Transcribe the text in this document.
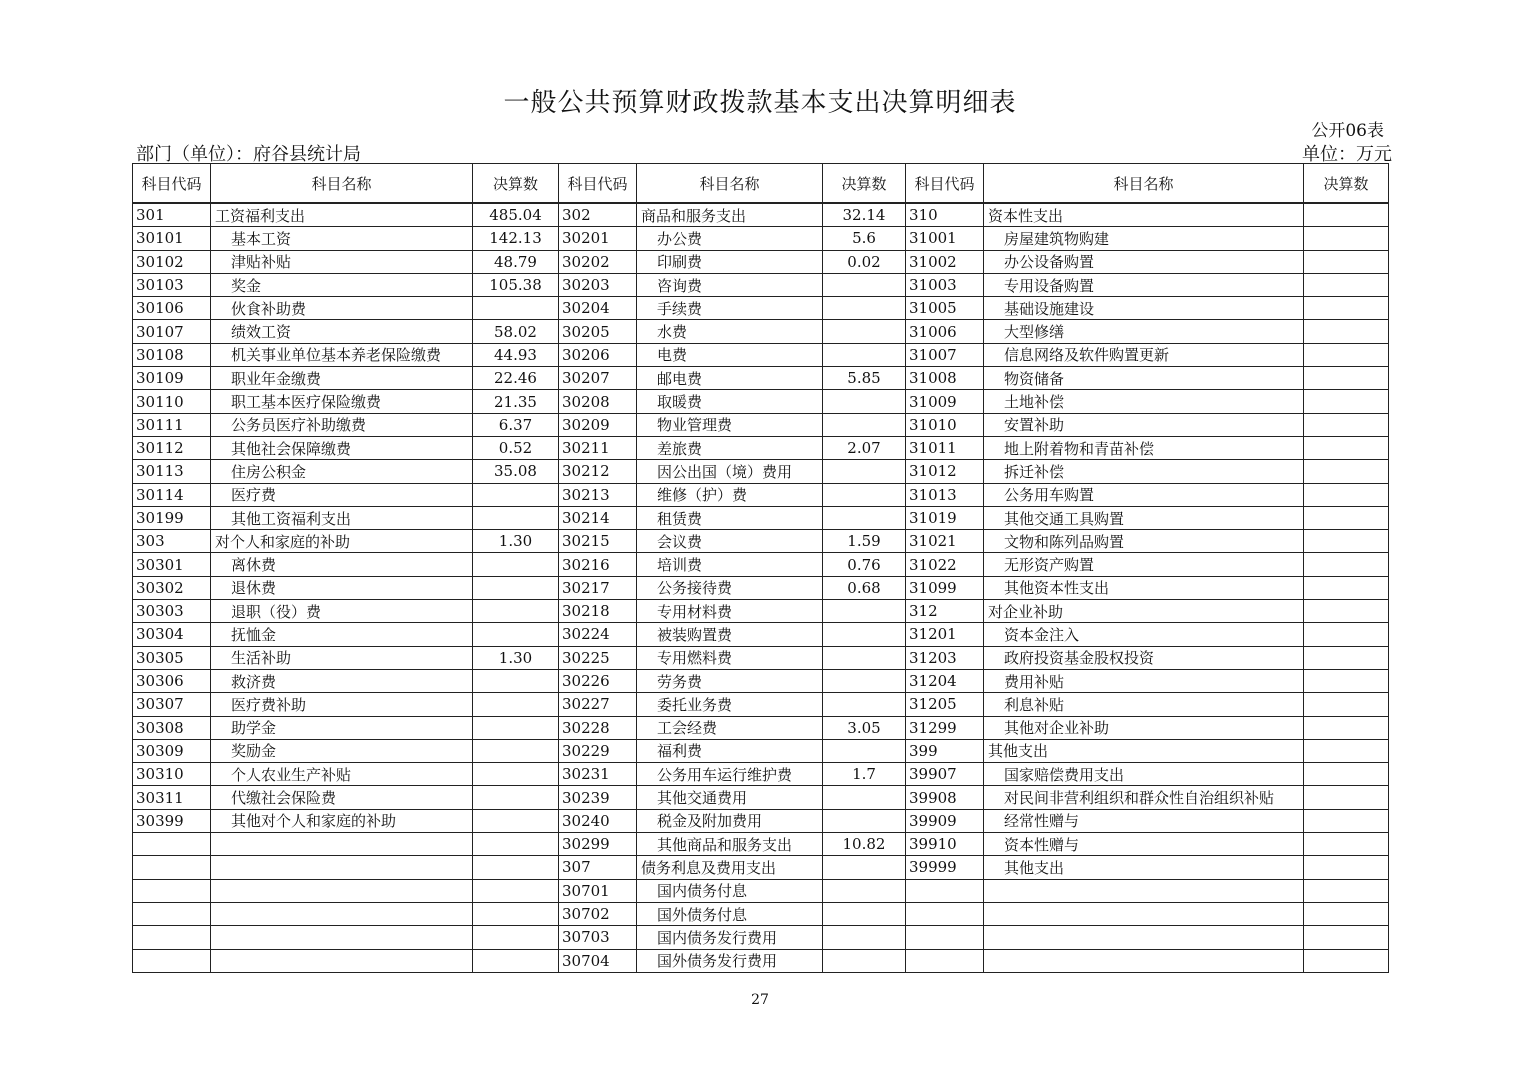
一般公共预算财政拨款基本支出决算明细表
公开06表
部门（单位）：府谷县统计局	单位：万元
科目代码	科目名称	决算数	科目代码	科目名称	决算数	科目代码	科目名称	决算数
301	工资福利支出	485.04	302	商品和服务支出	32.14	310	资本性支出	
30101	基本工资	142.13	30201	办公费	5.6	31001	房屋建筑物购建	
30102	津贴补贴	48.79	30202	印刷费	0.02	31002	办公设备购置	
30103	奖金	105.38	30203	咨询费		31003	专用设备购置	
30106	伙食补助费		30204	手续费		31005	基础设施建设	
30107	绩效工资	58.02	30205	水费		31006	大型修缮	
30108	机关事业单位基本养老保险缴费	44.93	30206	电费		31007	信息网络及软件购置更新	
30109	职业年金缴费	22.46	30207	邮电费	5.85	31008	物资储备	
30110	职工基本医疗保险缴费	21.35	30208	取暖费		31009	土地补偿	
30111	公务员医疗补助缴费	6.37	30209	物业管理费		31010	安置补助	
30112	其他社会保障缴费	0.52	30211	差旅费	2.07	31011	地上附着物和青苗补偿	
30113	住房公积金	35.08	30212	因公出国（境）费用		31012	拆迁补偿	
30114	医疗费		30213	维修（护）费		31013	公务用车购置	
30199	其他工资福利支出		30214	租赁费		31019	其他交通工具购置	
303	对个人和家庭的补助	1.30	30215	会议费	1.59	31021	文物和陈列品购置	
30301	离休费		30216	培训费	0.76	31022	无形资产购置	
30302	退休费		30217	公务接待费	0.68	31099	其他资本性支出	
30303	退职（役）费		30218	专用材料费		312	对企业补助	
30304	抚恤金		30224	被装购置费		31201	资本金注入	
30305	生活补助	1.30	30225	专用燃料费		31203	政府投资基金股权投资	
30306	救济费		30226	劳务费		31204	费用补贴	
30307	医疗费补助		30227	委托业务费		31205	利息补贴	
30308	助学金		30228	工会经费	3.05	31299	其他对企业补助	
30309	奖励金		30229	福利费		399	其他支出	
30310	个人农业生产补贴		30231	公务用车运行维护费	1.7	39907	国家赔偿费用支出	
30311	代缴社会保险费		30239	其他交通费用		39908	对民间非营利组织和群众性自治组织补贴	
30399	其他对个人和家庭的补助		30240	税金及附加费用		39909	经常性赠与	
			30299	其他商品和服务支出	10.82	39910	资本性赠与	
			307	债务利息及费用支出		39999	其他支出	
			30701	国内债务付息				
			30702	国外债务付息				
			30703	国内债务发行费用				
			30704	国外债务发行费用				
27
